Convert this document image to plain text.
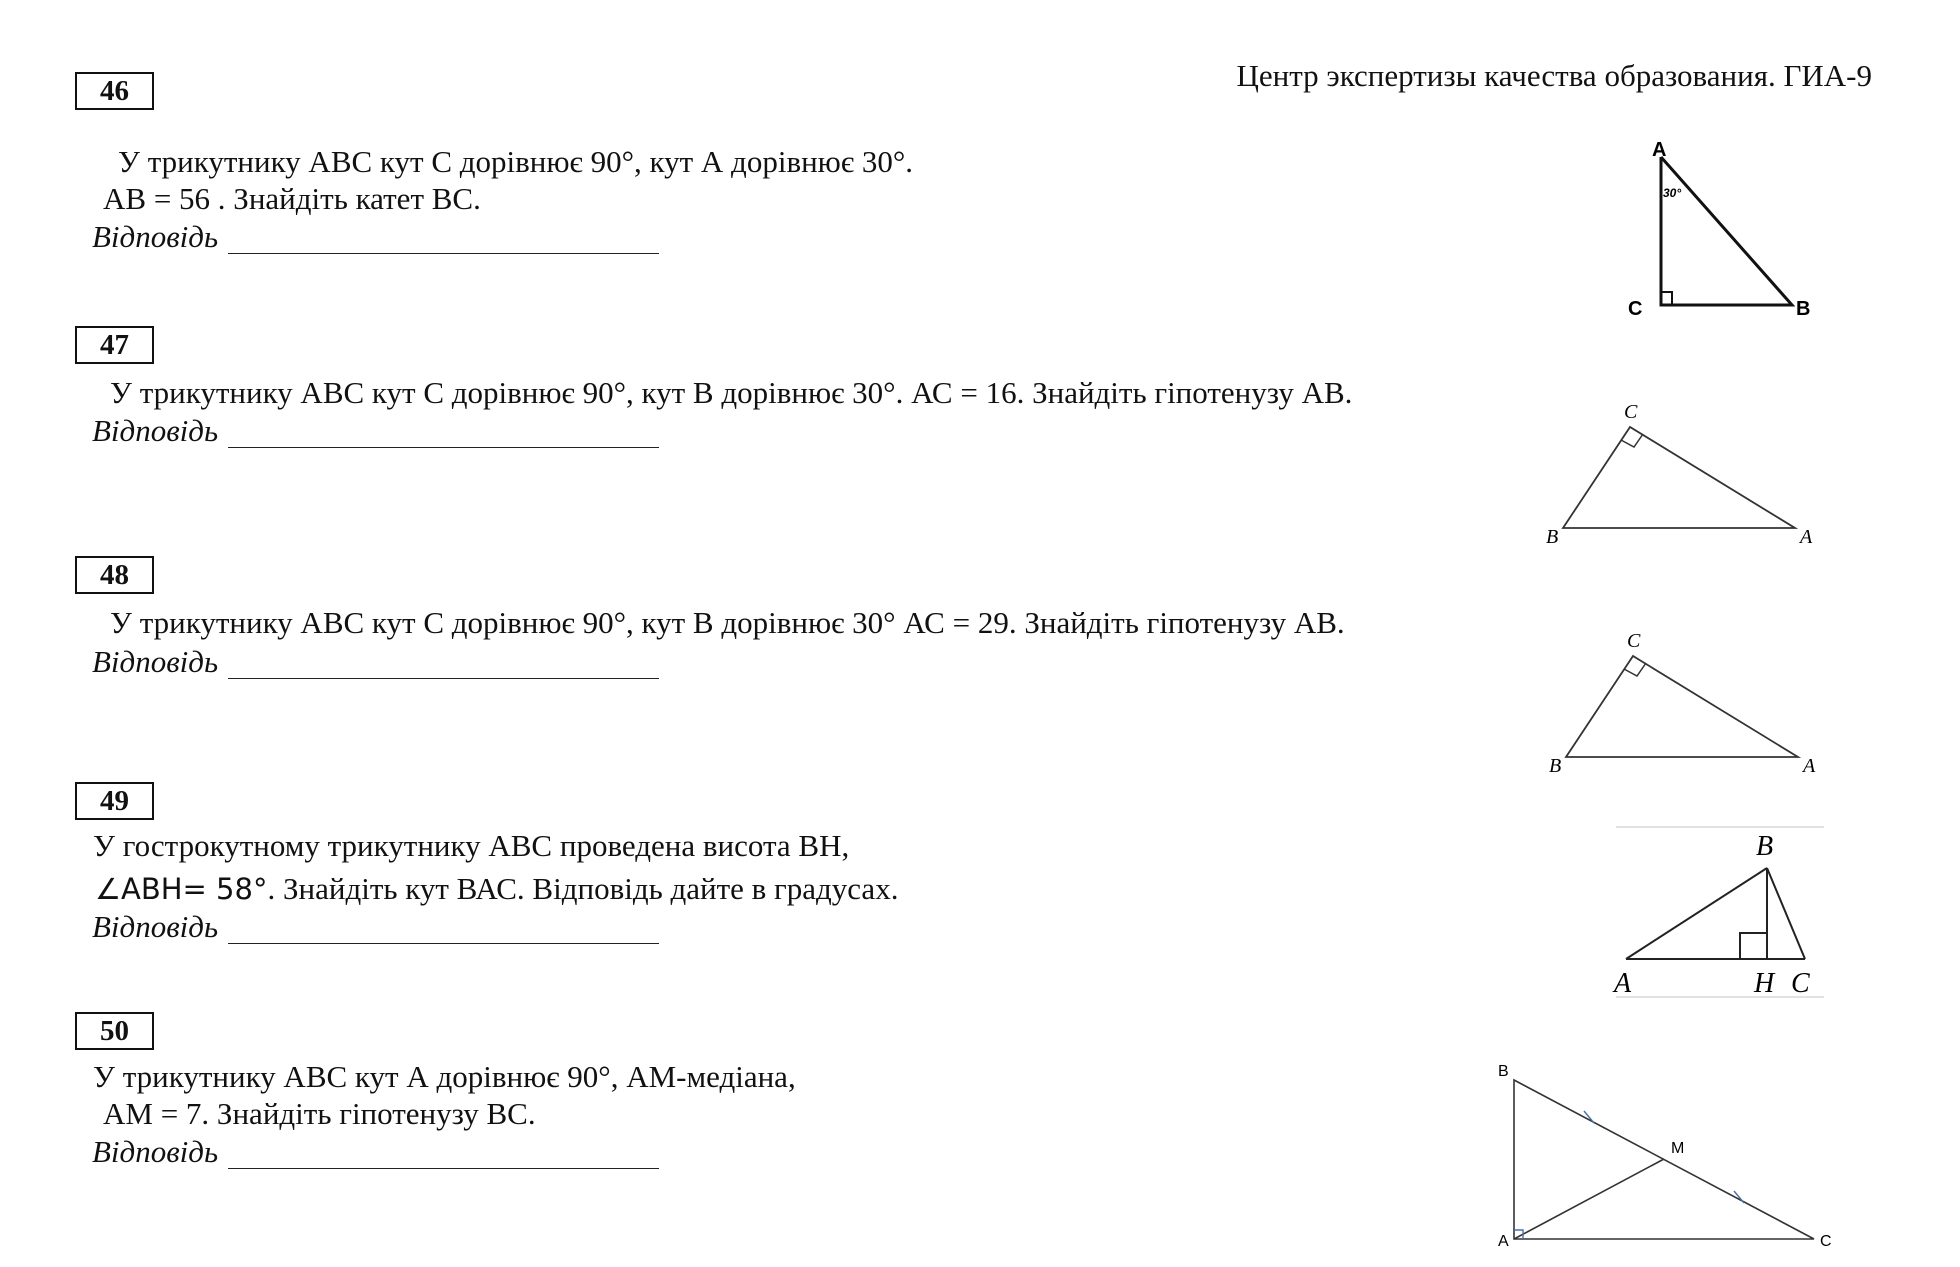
Центр экспертизы качества образования. ГИА-9
46
У трикутнику АВС кут С дорівнює 90°, кут А дорівнює 30°.
АВ = 56 . Знайдіть катет ВС.
Відповідь
A
C	B
30°
47
У трикутнику АВС кут С дорівнює 90°, кут В дорівнює 30°. АС = 16. Знайдіть гіпотенузу АВ.
Відповідь
C
B	A
48
У трикутнику АВС кут С дорівнює 90°, кут В дорівнює 30° АС = 29. Знайдіть гіпотенузу АВ.
Відповідь
C
B	A
49
У гострокутному трикутнику АВС проведена висота ВН,
∠ABH= 58°. Знайдіть кут ВАС. Відповідь дайте в градусах.
Відповідь
B
A	H C
50
У трикутнику АВС кут А дорівнює 90°, АМ-медіана,
АМ = 7. Знайдіть гіпотенузу ВС.
Відповідь
B
M
A	C
